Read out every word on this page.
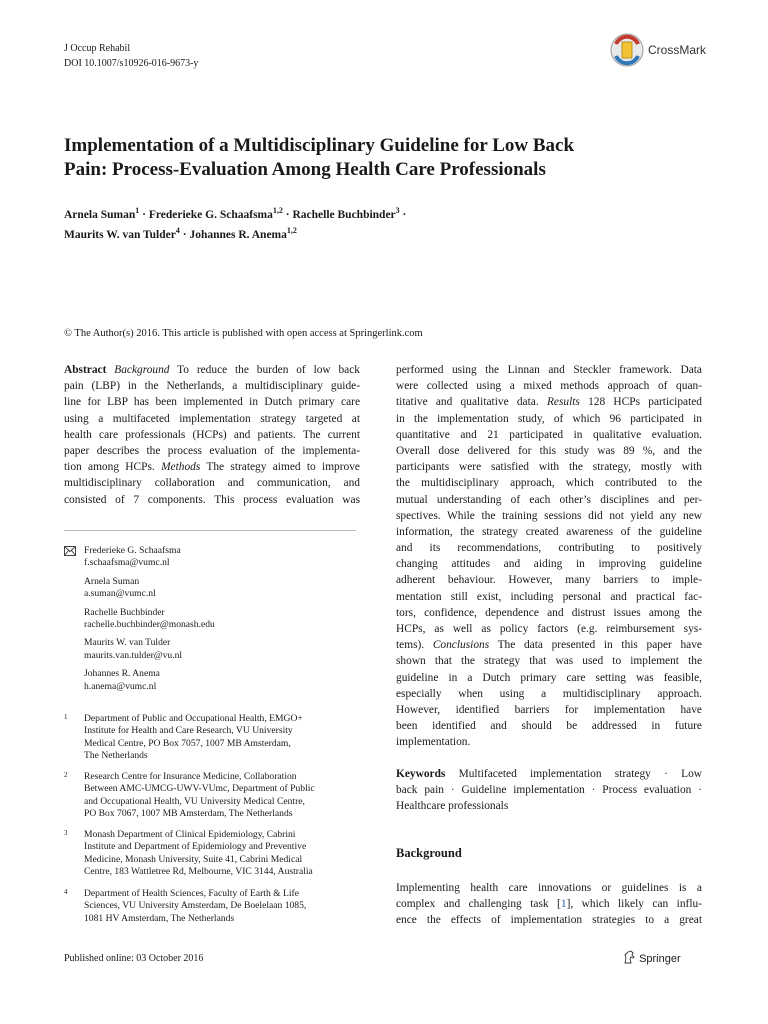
J Occup Rehabil
DOI 10.1007/s10926-016-9673-y
CrossMark
Implementation of a Multidisciplinary Guideline for Low Back
Pain: Process-Evaluation Among Health Care Professionals
Arnela Suman$^1$ · Frederieke G. Schaafsma$^{1,2}$ · Rachelle Buchbinder$^3$ ·
Maurits W. van Tulder$^4$ · Johannes R. Anema$^{1,2}$
© The Author(s) 2016. This article is published with open access at Springerlink.com
Abstract Background To reduce the burden of low back
pain (LBP) in the Netherlands, a multidisciplinary guide-
line for LBP has been implemented in Dutch primary care
using a multifaceted implementation strategy targeted at
health care professionals (HCPs) and patients. The current
paper describes the process evaluation of the implementa-
tion among HCPs. Methods The strategy aimed to improve
multidisciplinary collaboration and communication, and
consisted of 7 components. This process evaluation was
Frederieke G. Schaafsma
f.schaafsma@vumc.nl
Arnela Suman
a.suman@vumc.nl
Rachelle Buchbinder
rachelle.buchbinder@monash.edu
Maurits W. van Tulder
maurits.van.tulder@vu.nl
Johannes R. Anema
h.anema@vumc.nl
1 Department of Public and Occupational Health, EMGO+
Institute for Health and Care Research, VU University
Medical Centre, PO Box 7057, 1007 MB Amsterdam,
The Netherlands
2 Research Centre for Insurance Medicine, Collaboration
Between AMC-UMCG-UWV-VUmc, Department of Public
and Occupational Health, VU University Medical Centre,
PO Box 7067, 1007 MB Amsterdam, The Netherlands
3 Monash Department of Clinical Epidemiology, Cabrini
Institute and Department of Epidemiology and Preventive
Medicine, Monash University, Suite 41, Cabrini Medical
Centre, 183 Wattletree Rd, Melbourne, VIC 3144, Australia
4 Department of Health Sciences, Faculty of Earth & Life
Sciences, VU University Amsterdam, De Boelelaan 1085,
1081 HV Amsterdam, The Netherlands
performed using the Linnan and Steckler framework. Data
were collected using a mixed methods approach of quan-
titative and qualitative data. Results 128 HCPs participated
in the implementation study, of which 96 participated in
quantitative and 21 participated in qualitative evaluation.
Overall dose delivered for this study was 89 %, and the
participants were satisfied with the strategy, mostly with
the multidisciplinary approach, which contributed to the
mutual understanding of each other’s disciplines and per-
spectives. While the training sessions did not yield any new
information, the strategy created awareness of the guideline
and its recommendations, contributing to positively
changing attitudes and aiding in improving guideline
adherent behaviour. However, many barriers to imple-
mentation still exist, including personal and practical fac-
tors, confidence, dependence and distrust issues among the
HCPs, as well as policy factors (e.g. reimbursement sys-
tems). Conclusions The data presented in this paper have
shown that the strategy that was used to implement the
guideline in a Dutch primary care setting was feasible,
especially when using a multidisciplinary approach.
However, identified barriers for implementation have
been identified and should be addressed in future
implementation.
Keywords Multifaceted implementation strategy · Low
back pain · Guideline implementation · Process evaluation ·
Healthcare professionals
Background
Implementing health care innovations or guidelines is a
complex and challenging task [1], which likely can influ-
ence the effects of implementation strategies to a great
Published online: 03 October 2016	Springer
